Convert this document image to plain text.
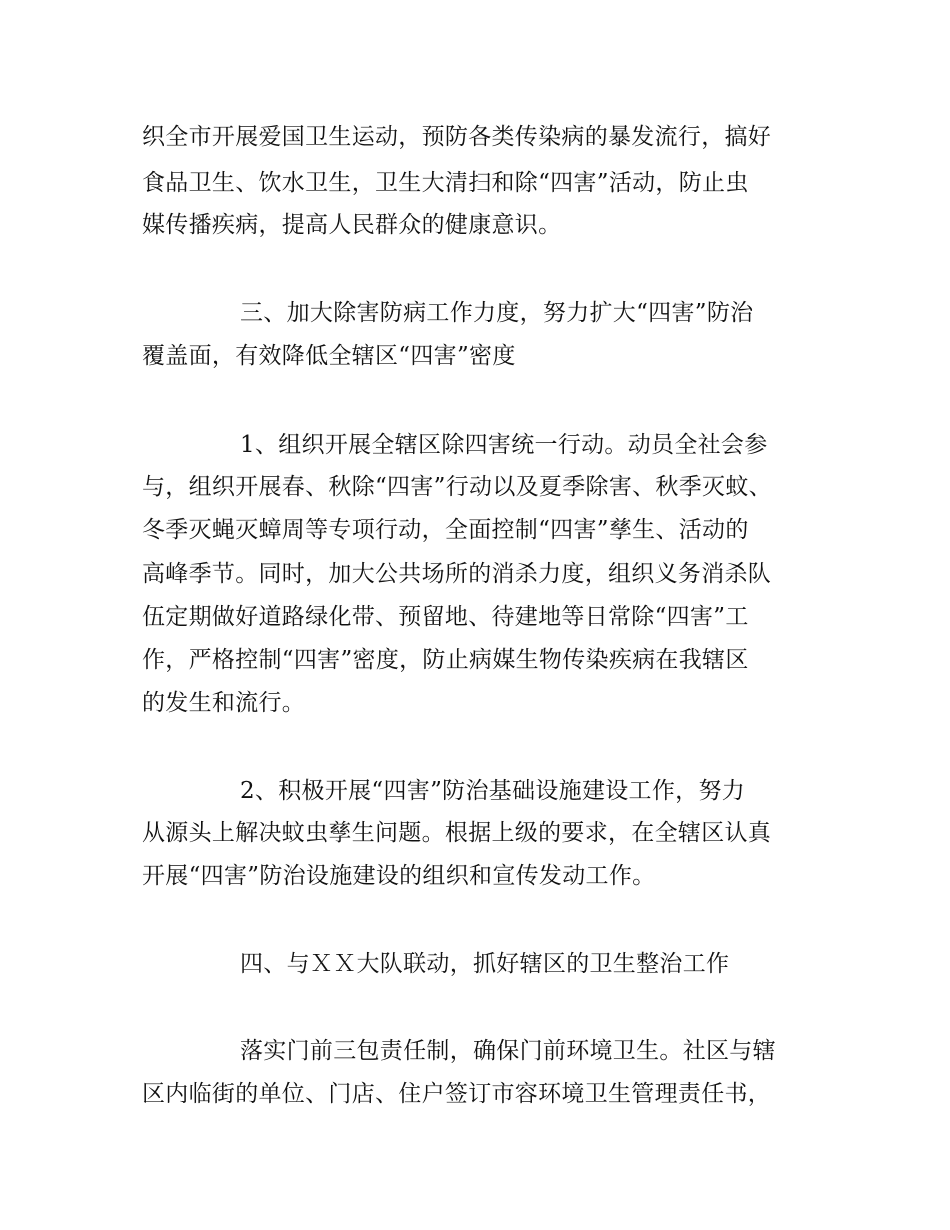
织全市开展爱国卫生运动，预防各类传染病的暴发流行，搞好
食品卫生、饮水卫生，卫生大清扫和除“四害”活动，防止虫
媒传播疾病，提高人民群众的健康意识。
三、加大除害防病工作力度，努力扩大“四害”防治
覆盖面，有效降低全辖区“四害”密度
1、组织开展全辖区除四害统一行动。动员全社会参
与，组织开展春、秋除“四害”行动以及夏季除害、秋季灭蚊、
冬季灭蝇灭蟑周等专项行动，全面控制“四害”孳生、活动的
高峰季节。同时，加大公共场所的消杀力度，组织义务消杀队
伍定期做好道路绿化带、预留地、待建地等日常除“四害”工
作，严格控制“四害”密度，防止病媒生物传染疾病在我辖区
的发生和流行。
2、积极开展“四害”防治基础设施建设工作，努力
从源头上解决蚊虫孳生问题。根据上级的要求，在全辖区认真
开展“四害”防治设施建设的组织和宣传发动工作。
四、与ＸＸ大队联动，抓好辖区的卫生整治工作
落实门前三包责任制，确保门前环境卫生。社区与辖
区内临街的单位、门店、住户签订市容环境卫生管理责任书，
